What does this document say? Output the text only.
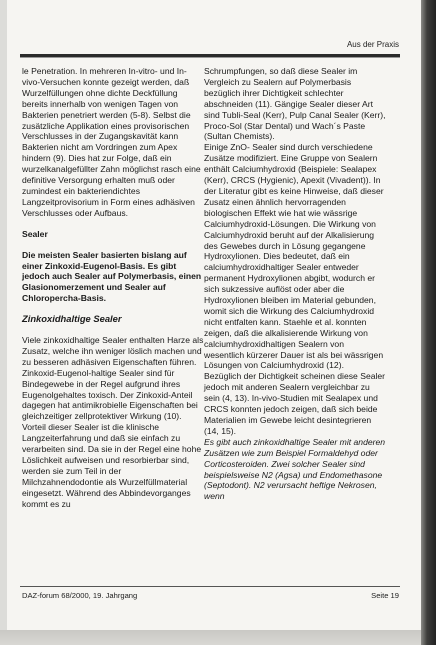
Aus der Praxis

le Penetration. In mehreren In-vitro- und In-vivo-Versuchen konnte gezeigt werden, daß Wurzelfüllungen ohne dichte Deckfüllung bereits innerhalb von wenigen Tagen von Bakterien penetriert werden (5-8). Selbst die zusätzliche Applikation eines provisorischen Verschlusses in der Zugangskavität kann Bakterien nicht am Vordringen zum Apex hindern (9). Dies hat zur Folge, daß ein wurzelkanalgefüllter Zahn möglichst rasch eine definitive Versorgung erhalten muß oder zumindest ein bakteriendichtes Langzeitprovisorium in Form eines adhäsiven Verschlusses oder Aufbaus.

Sealer

Die meisten Sealer basierten bislang auf einer Zinkoxid-Eugenol-Basis. Es gibt jedoch auch Sealer auf Polymerbasis, einen Glasionomerzement und Sealer auf Chloropercha-Basis.

Zinkoxidhaltige Sealer

Viele zinkoxidhaltige Sealer enthalten Harze als Zusatz, welche ihn weniger löslich machen und zu besseren adhäsiven Eigenschaften führen. Zinkoxid-Eugenol-haltige Sealer sind für Bindegewebe in der Regel aufgrund ihres Eugenolgehaltes toxisch. Der Zinkoxid-Anteil dagegen hat antimikrobielle Eigenschaften bei gleichzeitiger zellprotektiver Wirkung (10). Vorteil dieser Sealer ist die klinische Langzeiterfahrung und daß sie einfach zu verarbeiten sind. Da sie in der Regel eine hohe Löslichkeit aufweisen und resorbierbar sind, werden sie zum Teil in der Milchzahnendodontie als Wurzelfüllmaterial eingesetzt. Während des Abbindevorganges kommt es zu

Schrumpfungen, so daß diese Sealer im Vergleich zu Sealern auf Polymerbasis bezüglich ihrer Dichtigkeit schlechter abschneiden (11). Gängige Sealer dieser Art sind Tubli-Seal (Kerr), Pulp Canal Sealer (Kerr), Proco-Sol (Star Dental) und Wach´s Paste (Sultan Chemists).

Einige ZnO- Sealer sind durch verschiedene Zusätze modifiziert. Eine Gruppe von Sealern enthält Calciumhydroxid (Beispiele: Sealapex (Kerr), CRCS (Hygienic), Apexit (Vivadent)). In der Literatur gibt es keine Hinweise, daß dieser Zusatz einen ähnlich hervorragenden biologischen Effekt wie hat wie wässrige Calciumhydroxid-Lösungen. Die Wirkung von Calciumhydroxid beruht auf der Alkalisierung des Gewebes durch in Lösung gegangene Hydroxylionen. Dies bedeutet, daß ein calciumhydroxidhaltiger Sealer entweder permanent Hydroxylionen abgibt, wodurch er sich sukzessive auflöst oder aber die Hydroxylionen bleiben im Material gebunden, womit sich die Wirkung des Calciumhydroxid nicht entfalten kann. Staehle et al. konnten zeigen, daß die alkalisierende Wirkung von calciumhydroxidhaltigen Sealern von wesentlich kürzerer Dauer ist als bei wässrigen Lösungen von Calciumhydroxid (12).

Bezüglich der Dichtigkeit scheinen diese Sealer jedoch mit anderen Sealern vergleichbar zu sein (4, 13). In-vivo-Studien mit Sealapex und CRCS konnten jedoch zeigen, daß sich beide Materialien im Gewebe leicht desintegrieren (14, 15).

Es gibt auch zinkoxidhaltige Sealer mit anderen Zusätzen wie zum Beispiel Formaldehyd oder Corticosteroiden. Zwei solcher Sealer sind beispielsweise N2 (Agsa) und Endomethasone (Septodont). N2 verursacht heftige Nekrosen, wenn

DAZ-forum 68/2000, 19. Jahrgang	Seite 19
